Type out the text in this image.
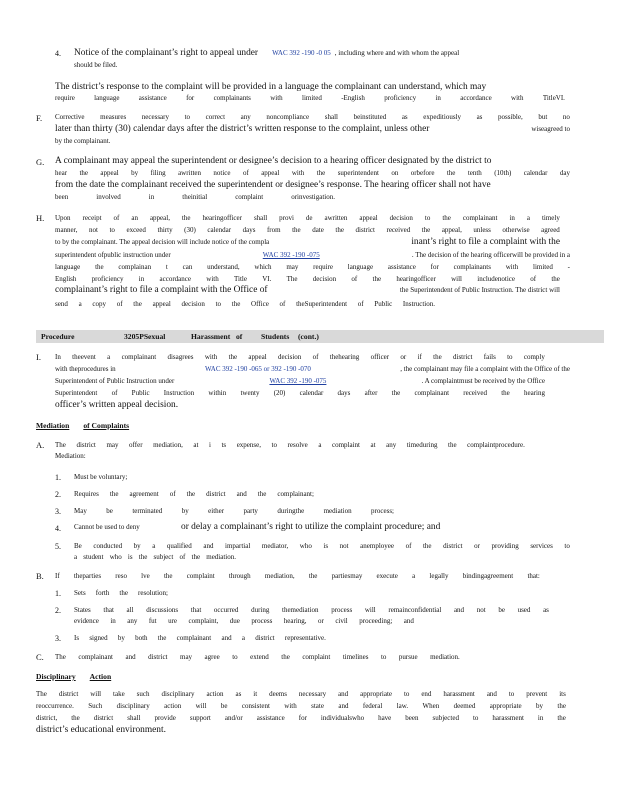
4. Notice of the complainant’s right to appeal under
WAC 392 -190 -0 05 , including where and with whom the appeal
should be filed.
The district’s response to the complaint will be provided in a language the complainant can understand, which may
require	language	assistance	for	complainants	with	limited	-English	proficiency	in	accordance	with	TitleVI.
F. Corrective measures necessary to correct any noncompliance shall beinstituted as expeditiously as possible, but no
later than thirty (30) calendar days after the district’s written response to the complaint, unless other	wiseagreed to
by the complainant.
G. A complainant may appeal the superintendent or designee’s decision to a hearing officer designated by the district to
hear the appeal by filing awritten notice of appeal with the superintendent on orbefore the tenth (10th) calendar day
from the date the complainant received the superintendent or designee’s response. The hearing officer shall not have
been	involved	in	theinitial	complaint	orinvestigation.
H. Upon receipt of an appeal, the hearingofficer shall provi de awritten appeal decision to the complainant in a timely
manner, not to exceed thirty (30) calendar days from the date the district received the appeal, unless otherwise agreed
to by the complainant. The appeal decision will include notice of the compla	inant’s right to file a complaint with the
superintendent ofpublic instruction under	WAC 392 -190 -075	. The decision of the hearing officerwill be provided in a
language the complainan t can understand, which may require language assistance for complainants with limited -
English proficiency in accordance with Title VI. The decision of the hearingofficer will includenotice of the
complainant’s right to file a complaint with the Office of	the Superintendent of Public Instruction. The district will
send a copy of the appeal decision to the Office of theSuperintendent of Public Instruction.
Procedure	3205PSexual	Harassment of Students (cont.)
I. In theevent a complainant disagrees with the appeal decision of thehearing officer or if the district fails to comply
with theprocedures in	WAC 392 -190 -065 or 392 -190 -070	, the complainant may file a complaint with the Office of the
Superintendent of Public Instruction under	WAC 392 -190 -075	. A complaintmust be received by the Office
Superintendent of Public Instruction within twenty (20) calendar days after the complainant received the hearing
officer’s written appeal decision.
Mediation of Complaints
A. The district may offer mediation, at i ts expense, to resolve a complaint at any timeduring the complaintprocedure.
Mediation:
1. Must be voluntary;
2. Requires the agreement of the district and the complainant;
3. May	be	terminated	by	either	party	duringthe	mediation	process;
4. Cannot be used to deny	or delay a complainant’s right to utilize the complaint procedure; and
5. Be conducted by a qualified and impartial mediator, who is not anemployee of the district or providing services to
a student who is the subject of the mediation.
B. If theparties reso lve the complaint through mediation, the partiesmay execute a legally bindingagreement that:
1. Sets forth the resolution;
2. States that all discussions that occurred during themediation process will remainconfidential and not be used as
evidence in any fut ure complaint, due process hearing, or civil proceeding; and
3. Is signed by both the complainant and a district representative.
C. The complainant and district may agree to extend the complaint timelines to pursue mediation.
Disciplinary Action
The district will take such disciplinary action as it deems necessary and appropriate to end harassment and to prevent its
reoccurrence. Such disciplinary action will be consistent with state and federal law. When deemed appropriate by the
district, the district shall provide support and/or assistance for individualswho have been subjected to harassment in the
district’s educational environment.
